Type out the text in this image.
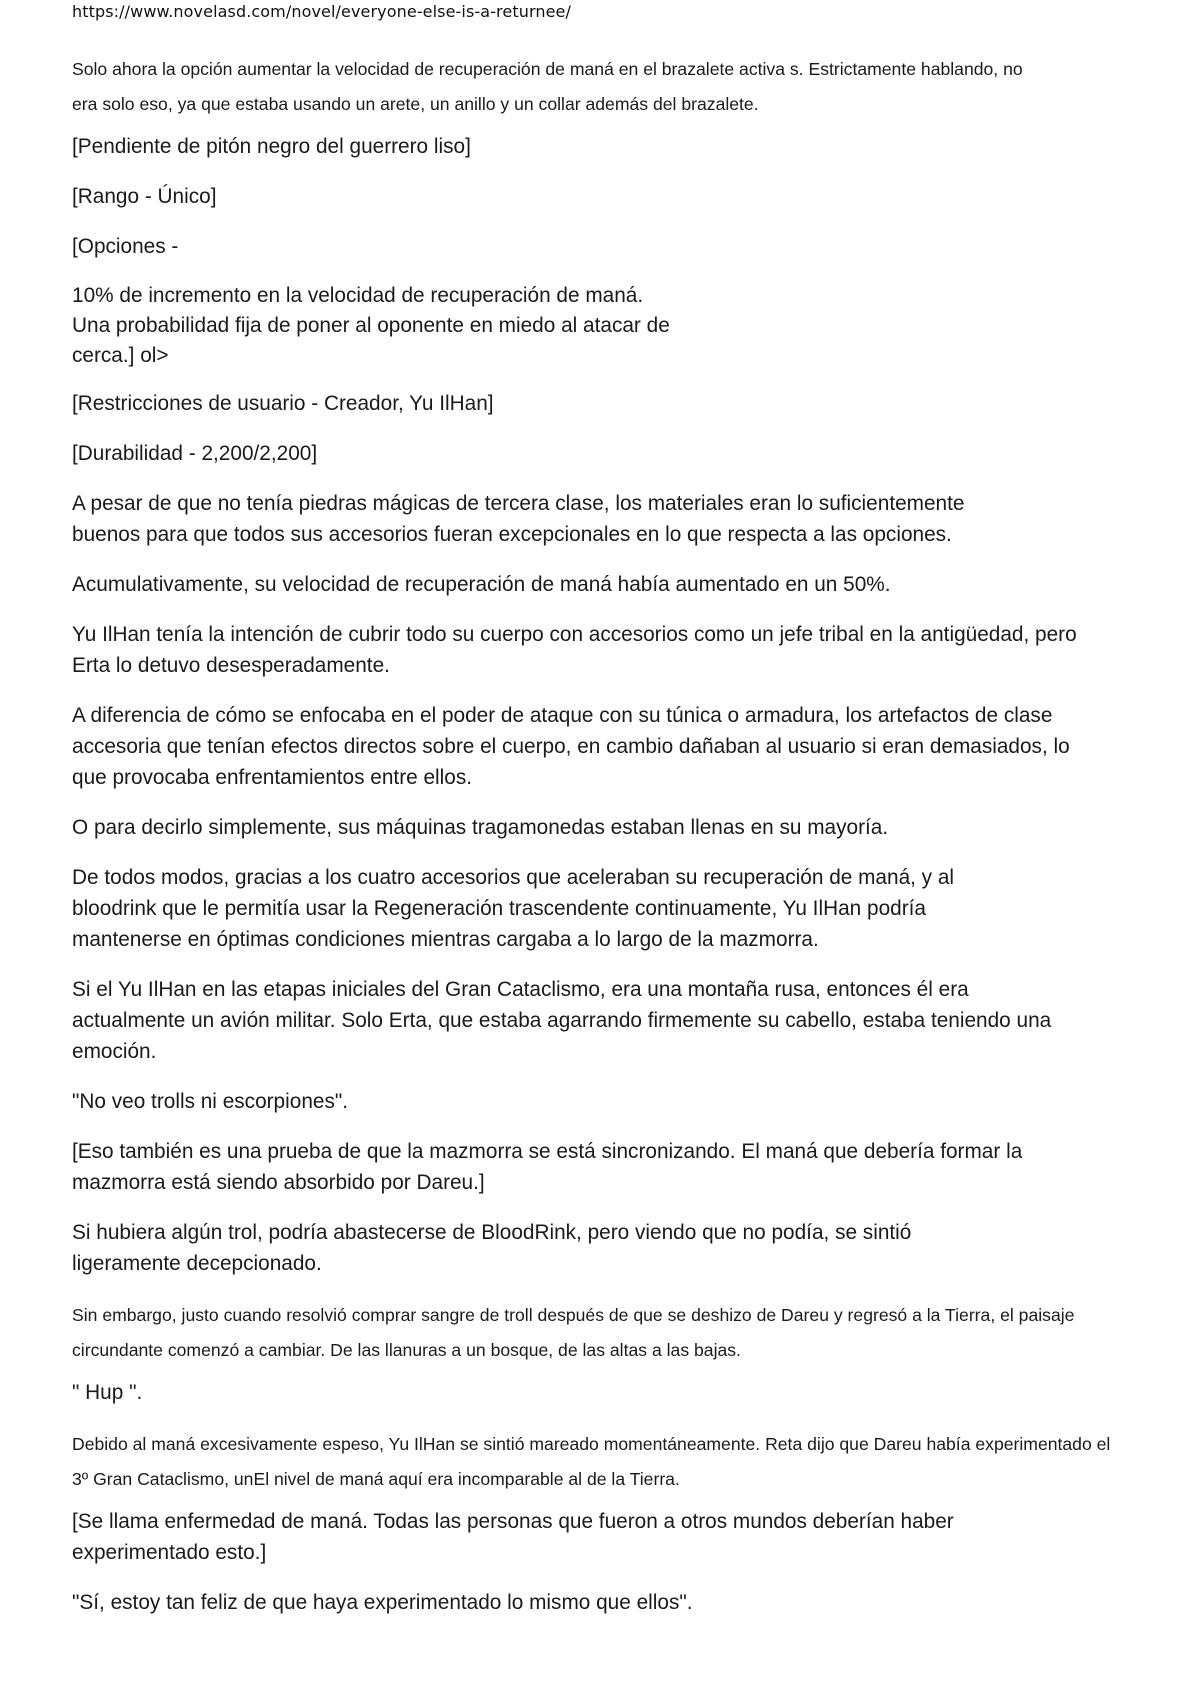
https://www.novelasd.com/novel/everyone-else-is-a-returnee/

Solo ahora la opción aumentar la velocidad de recuperación de maná en el brazalete activa s. Estrictamente hablando, no era solo eso, ya que estaba usando un arete, un anillo y un collar además del brazalete.

[Pendiente de pitón negro del guerrero liso]

[Rango - Único]

[Opciones -

10% de incremento en la velocidad de recuperación de maná.
Una probabilidad fija de poner al oponente en miedo al atacar de
cerca.] ol>

[Restricciones de usuario - Creador, Yu IlHan]

[Durabilidad - 2,200/2,200]

A pesar de que no tenía piedras mágicas de tercera clase, los materiales eran lo suficientemente buenos para que todos sus accesorios fueran excepcionales en lo que respecta a las opciones.

Acumulativamente, su velocidad de recuperación de maná había aumentado en un 50%.

Yu IlHan tenía la intención de cubrir todo su cuerpo con accesorios como un jefe tribal en la antigüedad, pero Erta lo detuvo desesperadamente.

A diferencia de cómo se enfocaba en el poder de ataque con su túnica o armadura, los artefactos de clase accesoria que tenían efectos directos sobre el cuerpo, en cambio dañaban al usuario si eran demasiados, lo que provocaba enfrentamientos entre ellos.

O para decirlo simplemente, sus máquinas tragamonedas estaban llenas en su mayoría.

De todos modos, gracias a los cuatro accesorios que aceleraban su recuperación de maná, y al bloodrink que le permitía usar la Regeneración trascendente continuamente, Yu IlHan podría mantenerse en óptimas condiciones mientras cargaba a lo largo de la mazmorra.

Si el Yu IlHan en las etapas iniciales del Gran Cataclismo, era una montaña rusa, entonces él era actualmente un avión militar. Solo Erta, que estaba agarrando firmemente su cabello, estaba teniendo una emoción.

"No veo trolls ni escorpiones".

[Eso también es una prueba de que la mazmorra se está sincronizando. El maná que debería formar la mazmorra está siendo absorbido por Dareu.]

Si hubiera algún trol, podría abastecerse de BloodRink, pero viendo que no podía, se sintió ligeramente decepcionado.

Sin embargo, justo cuando resolvió comprar sangre de troll después de que se deshizo de Dareu y regresó a la Tierra, el paisaje circundante comenzó a cambiar. De las llanuras a un bosque, de las altas a las bajas.

" Hup ".

Debido al maná excesivamente espeso, Yu IlHan se sintió mareado momentáneamente. Reta dijo que Dareu había experimentado el 3º Gran Cataclismo, unEl nivel de maná aquí era incomparable al de la Tierra.

[Se llama enfermedad de maná. Todas las personas que fueron a otros mundos deberían haber experimentado esto.]

"Sí, estoy tan feliz de que haya experimentado lo mismo que ellos".
